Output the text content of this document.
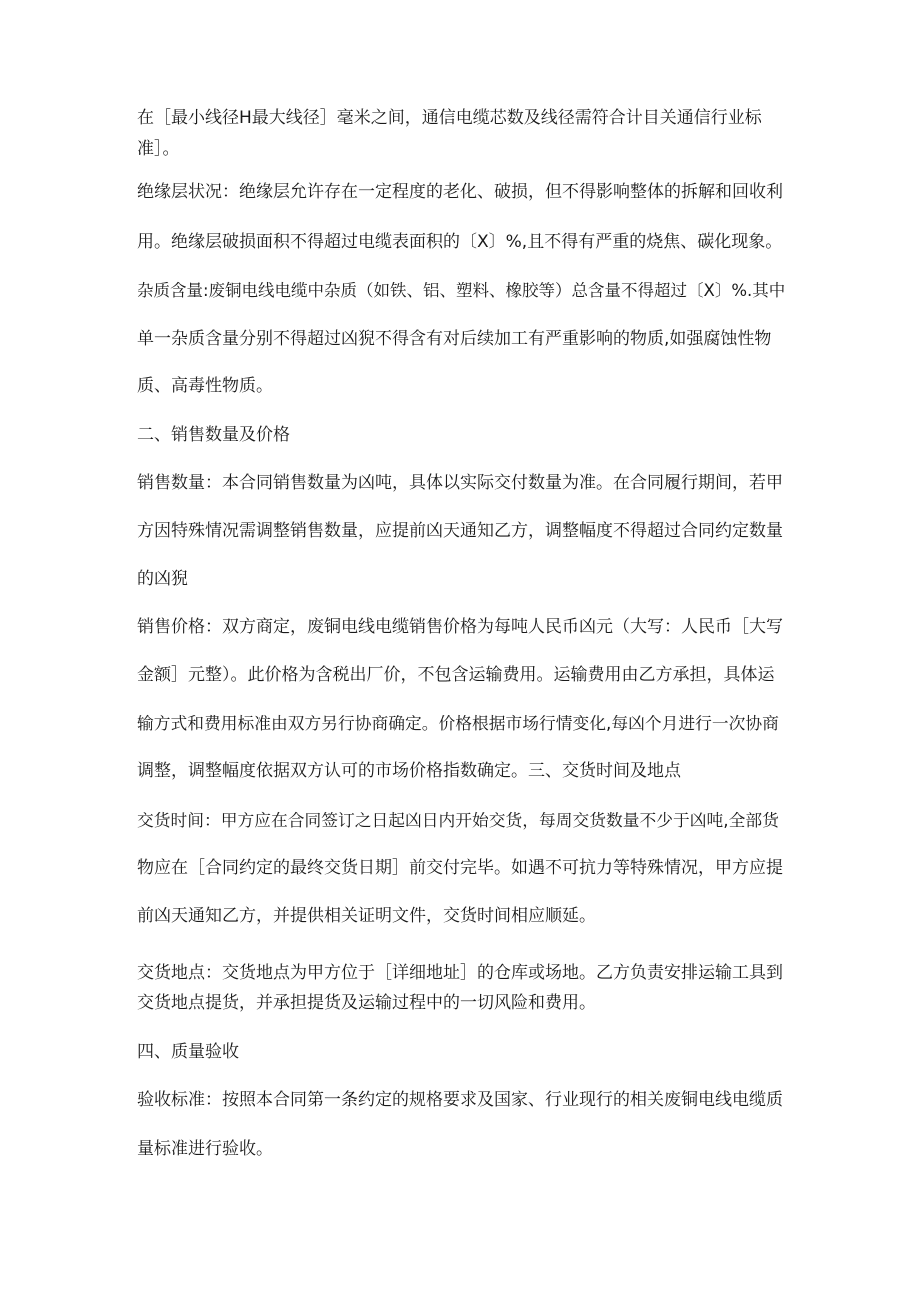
在［最小线径H最大线径］毫米之间，通信电缆芯数及线径需符合计目关通信行业标

准］。

绝缘层状况：绝缘层允许存在一定程度的老化、破损，但不得影响整体的拆解和回收利

用。绝缘层破损面积不得超过电缆表面积的〔X〕%,且不得有严重的烧焦、碳化现象。

杂质含量:废铜电线电缆中杂质（如铁、铝、塑料、橡胶等）总含量不得超过〔X〕%.其中

单一杂质含量分别不得超过凶猊不得含有对后续加工有严重影响的物质,如强腐蚀性物

质、高毒性物质。

二、销售数量及价格

销售数量：本合同销售数量为凶吨，具体以实际交付数量为准。在合同履行期间，若甲

方因特殊情况需调整销售数量，应提前凶天通知乙方，调整幅度不得超过合同约定数量

的凶猊

销售价格：双方商定，废铜电线电缆销售价格为每吨人民币凶元（大写：人民币［大写

金额］元整）。此价格为含税出厂价，不包含运输费用。运输费用由乙方承担，具体运

输方式和费用标准由双方另行协商确定。价格根据市场行情变化,每凶个月进行一次协商

调整，调整幅度依据双方认可的市场价格指数确定。三、交货时间及地点

交货时间：甲方应在合同签订之日起凶日内开始交货，每周交货数量不少于凶吨,全部货

物应在［合同约定的最终交货日期］前交付完毕。如遇不可抗力等特殊情况，甲方应提

前凶天通知乙方，并提供相关证明文件，交货时间相应顺延。

交货地点：交货地点为甲方位于［详细地址］的仓库或场地。乙方负责安排运输工具到

交货地点提货，并承担提货及运输过程中的一切风险和费用。

四、质量验收

验收标准：按照本合同第一条约定的规格要求及国家、行业现行的相关废铜电线电缆质

量标准进行验收。
